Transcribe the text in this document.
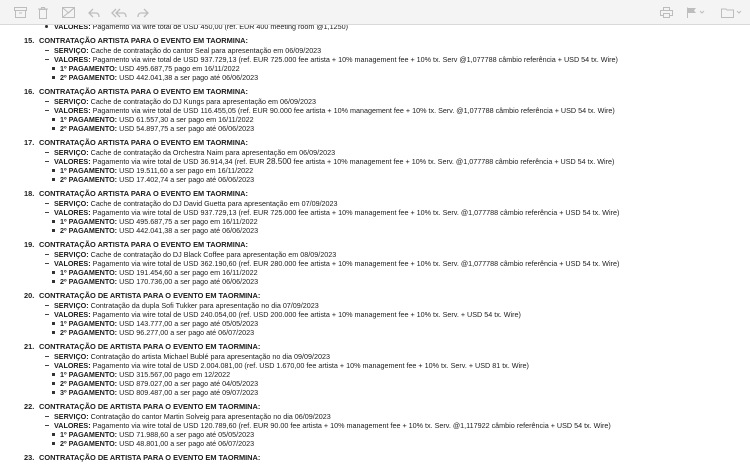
VALORES: Pagamento via wire total de USD 450,00 (ref. EUR 400 meeting room @1,1250)
15. CONTRATAÇÃO ARTISTA PARA O EVENTO EM TAORMINA:
SERVIÇO: Cache de contratação do cantor Seal para apresentação em 06/09/2023
VALORES: Pagamento via wire total de USD 937.729,13 (ref. EUR 725.000 fee artista + 10% management fee + 10% tx. Serv @1,077788 câmbio referência + USD 54 tx. Wire)
1º PAGAMENTO: USD 495.687,75 pago em 16/11/2022
2º PAGAMENTO: USD 442.041,38 a ser pago até 06/06/2023
16. CONTRATAÇÃO ARTISTA PARA O EVENTO EM TAORMINA:
SERVIÇO: Cache de contratação do DJ Kungs para apresentação em 06/09/2023
VALORES: Pagamento via wire total de USD 116.455,05 (ref. EUR 90.000 fee artista + 10% management fee + 10% tx. Serv. @1,077788 câmbio referência + USD 54 tx. Wire)
1º PAGAMENTO: USD 61.557,30 a ser pago em 16/11/2022
2º PAGAMENTO: USD 54.897,75 a ser pago até 06/06/2023
17. CONTRATAÇÃO ARTISTA PARA O EVENTO EM TAORMINA:
SERVIÇO: Cache de contratação da Orchestra Naim para apresentação em 06/09/2023
VALORES: Pagamento via wire total de USD 36.914,34 (ref. EUR 28.500 fee artista + 10% management fee + 10% tx. Serv. @1,077788 câmbio referência + USD 54 tx. Wire)
1º PAGAMENTO: USD 19.511,60 a ser pago em 16/11/2022
2º PAGAMENTO: USD 17.402,74 a ser pago até 06/06/2023
18. CONTRATAÇÃO ARTISTA PARA O EVENTO EM TAORMINA:
SERVIÇO: Cache de contratação do DJ David Guetta para apresentação em 07/09/2023
VALORES: Pagamento via wire total de USD 937.729,13 (ref. EUR 725.000 fee artista + 10% management fee + 10% tx. Serv. @1,077788 câmbio referência + USD 54 tx. Wire)
1º PAGAMENTO: USD 495.687,75 a ser pago em 16/11/2022
2º PAGAMENTO: USD 442.041,38 a ser pago até 06/06/2023
19. CONTRATAÇÃO ARTISTA PARA O EVENTO EM TAORMINA:
SERVIÇO: Cache de contratação do DJ Black Coffee para apresentação em 08/09/2023
VALORES: Pagamento via wire total de USD 362.190,60 (ref. EUR 280.000 fee artista + 10% management fee + 10% tx. Serv. @1,077788 câmbio referência + USD 54 tx. Wire)
1º PAGAMENTO: USD 191.454,60 a ser pago em 16/11/2022
2º PAGAMENTO: USD 170.736,00 a ser pago até 06/06/2023
20. CONTRATAÇÃO DE ARTISTA PARA O EVENTO EM TAORMINA:
SERVIÇO: Contratação da dupla Sofi Tukker para apresentação no dia 07/09/2023
VALORES: Pagamento via wire total de USD 240.054,00 (ref. USD 200.000 fee artista + 10% management fee + 10% tx. Serv. + USD 54 tx. Wire)
1º PAGAMENTO: USD 143.777,00 a ser pago até 05/05/2023
2º PAGAMENTO: USD 96.277,00 a ser pago até 06/07/2023
21. CONTRATAÇÃO DE ARTISTA PARA O EVENTO EM TAORMINA:
SERVIÇO: Contratação do artista Michael Bublé para apresentação no dia 09/09/2023
VALORES: Pagamento via wire total de USD 2.004.081,00 (ref. USD 1.670,00 fee artista + 10% management fee + 10% tx. Serv. + USD 81 tx. Wire)
1º PAGAMENTO: USD 315.567,00 pago em 12/2022
2º PAGAMENTO: USD 879.027,00 a ser pago até 04/05/2023
3º PAGAMENTO: USD 809.487,00 a ser pago até 09/07/2023
22. CONTRATAÇÃO DE ARTISTA PARA O EVENTO EM TAORMINA:
SERVIÇO: Contratação do cantor Martin Solveig para apresentação no dia 06/09/2023
VALORES: Pagamento via wire total de USD 120.789,60 (ref. EUR 90.00 fee artista + 10% management fee + 10% tx. Serv. @1,117922 câmbio referência + USD 54 tx. Wire)
1º PAGAMENTO: USD 71.988,60 a ser pago até 05/05/2023
2º PAGAMENTO: USD 48.801,00 a ser pago até 06/07/2023
23. CONTRATAÇÃO DE ARTISTA PARA O EVENTO EM TAORMINA:
